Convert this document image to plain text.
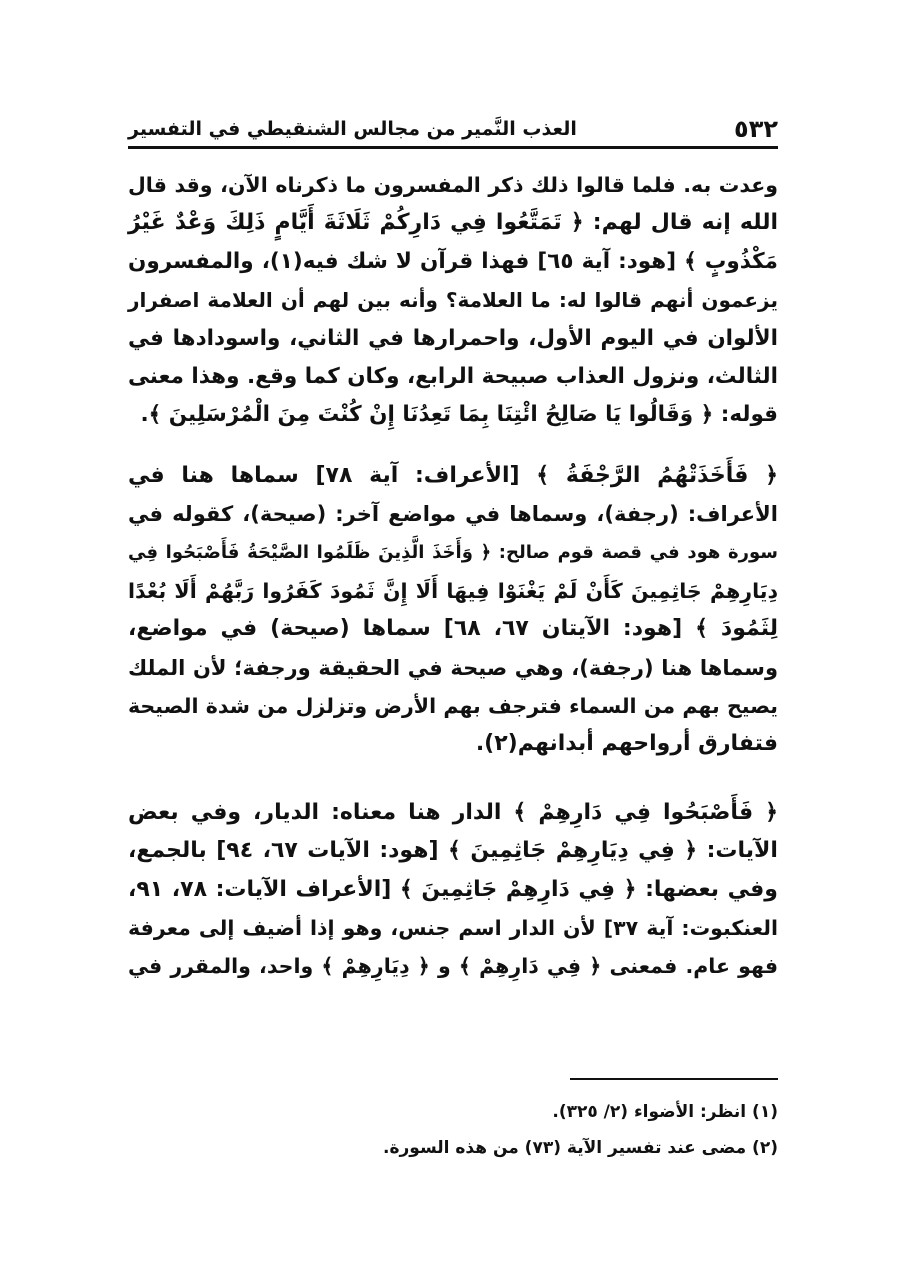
٥٣٢
العذب النَّمير من مجالس الشنقيطي في التفسير
وعدت به. فلما قالوا ذلك ذكر المفسرون ما ذكرناه الآن، وقد قال
الله إنه قال لهم: ﴿ تَمَتَّعُوا فِي دَارِكُمْ ثَلَاثَةَ أَيَّامٍ ذَلِكَ وَعْدٌ غَيْرُ
مَكْذُوبٍ ﴾ [هود: آية ٦٥] فهذا قرآن لا شك فيه(١)، والمفسرون
يزعمون أنهم قالوا له: ما العلامة؟ وأنه بين لهم أن العلامة اصفرار
الألوان في اليوم الأول، واحمرارها في الثاني، واسودادها في
الثالث، ونزول العذاب صبيحة الرابع، وكان كما وقع. وهذا معنى
قوله: ﴿ وَقَالُوا يَا صَالِحُ ائْتِنَا بِمَا تَعِدُنَا إِنْ كُنْتَ مِنَ الْمُرْسَلِينَ ﴾.
﴿ فَأَخَذَتْهُمُ الرَّجْفَةُ ﴾ [الأعراف: آية ٧٨] سماها هنا في
الأعراف: (رجفة)، وسماها في مواضع آخر: (صيحة)، كقوله في
سورة هود في قصة قوم صالح: ﴿ وَأَخَذَ الَّذِينَ ظَلَمُوا الصَّيْحَةُ فَأَصْبَحُوا فِي
دِيَارِهِمْ جَاثِمِينَ كَأَنْ لَمْ يَغْنَوْا فِيهَا أَلَا إِنَّ ثَمُودَ كَفَرُوا رَبَّهُمْ أَلَا بُعْدًا
لِثَمُودَ ﴾ [هود: الآيتان ٦٧، ٦٨] سماها (صيحة) في مواضع،
وسماها هنا (رجفة)، وهي صيحة في الحقيقة ورجفة؛ لأن الملك
يصيح بهم من السماء فترجف بهم الأرض وتزلزل من شدة الصيحة
فتفارق أرواحهم أبدانهم(٢).
﴿ فَأَصْبَحُوا فِي دَارِهِمْ ﴾ الدار هنا معناه: الديار، وفي بعض
الآيات: ﴿ فِي دِيَارِهِمْ جَاثِمِينَ ﴾ [هود: الآيات ٦٧، ٩٤] بالجمع،
وفي بعضها: ﴿ فِي دَارِهِمْ جَاثِمِينَ ﴾ [الأعراف الآيات: ٧٨، ٩١،
العنكبوت: آية ٣٧] لأن الدار اسم جنس، وهو إذا أضيف إلى معرفة
فهو عام. فمعنى ﴿ فِي دَارِهِمْ ﴾ و ﴿ دِيَارِهِمْ ﴾ واحد، والمقرر في
(١) انظر: الأضواء (٢/ ٣٢٥).
(٢) مضى عند تفسير الآية (٧٣) من هذه السورة.
